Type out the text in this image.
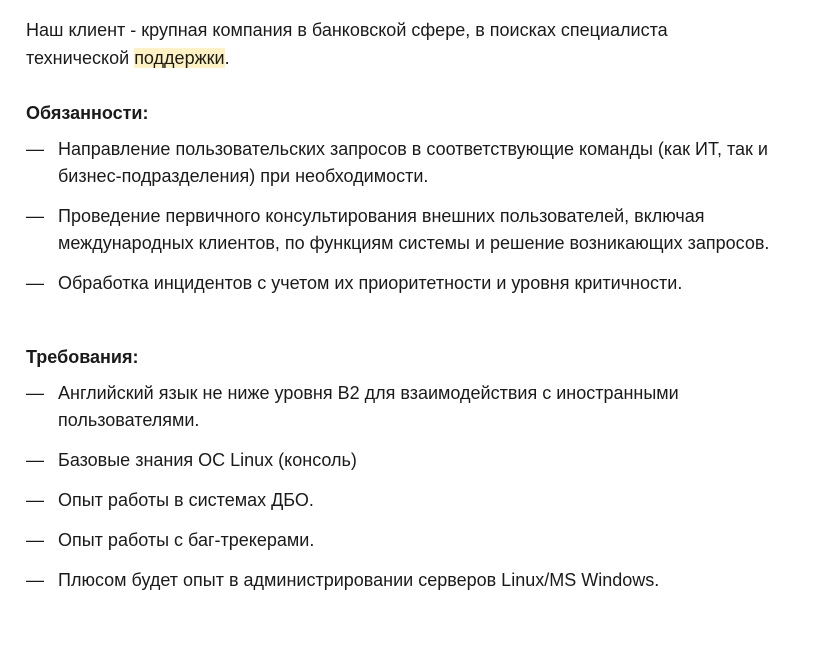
Наш клиент - крупная компания в банковской сфере, в поисках специалиста технической поддержки.

Обязанности:
— Направление пользовательских запросов в соответствующие команды (как ИТ, так и бизнес-подразделения) при необходимости.
— Проведение первичного консультирования внешних пользователей, включая международных клиентов, по функциям системы и решение возникающих запросов.
— Обработка инцидентов с учетом их приоритетности и уровня критичности.
Требования:
— Английский язык не ниже уровня B2 для взаимодействия с иностранными пользователями.
— Базовые знания ОС Linux (консоль)
— Опыт работы в системах ДБО.
— Опыт работы с баг-трекерами.
— Плюсом будет опыт в администрировании серверов Linux/MS Windows.
